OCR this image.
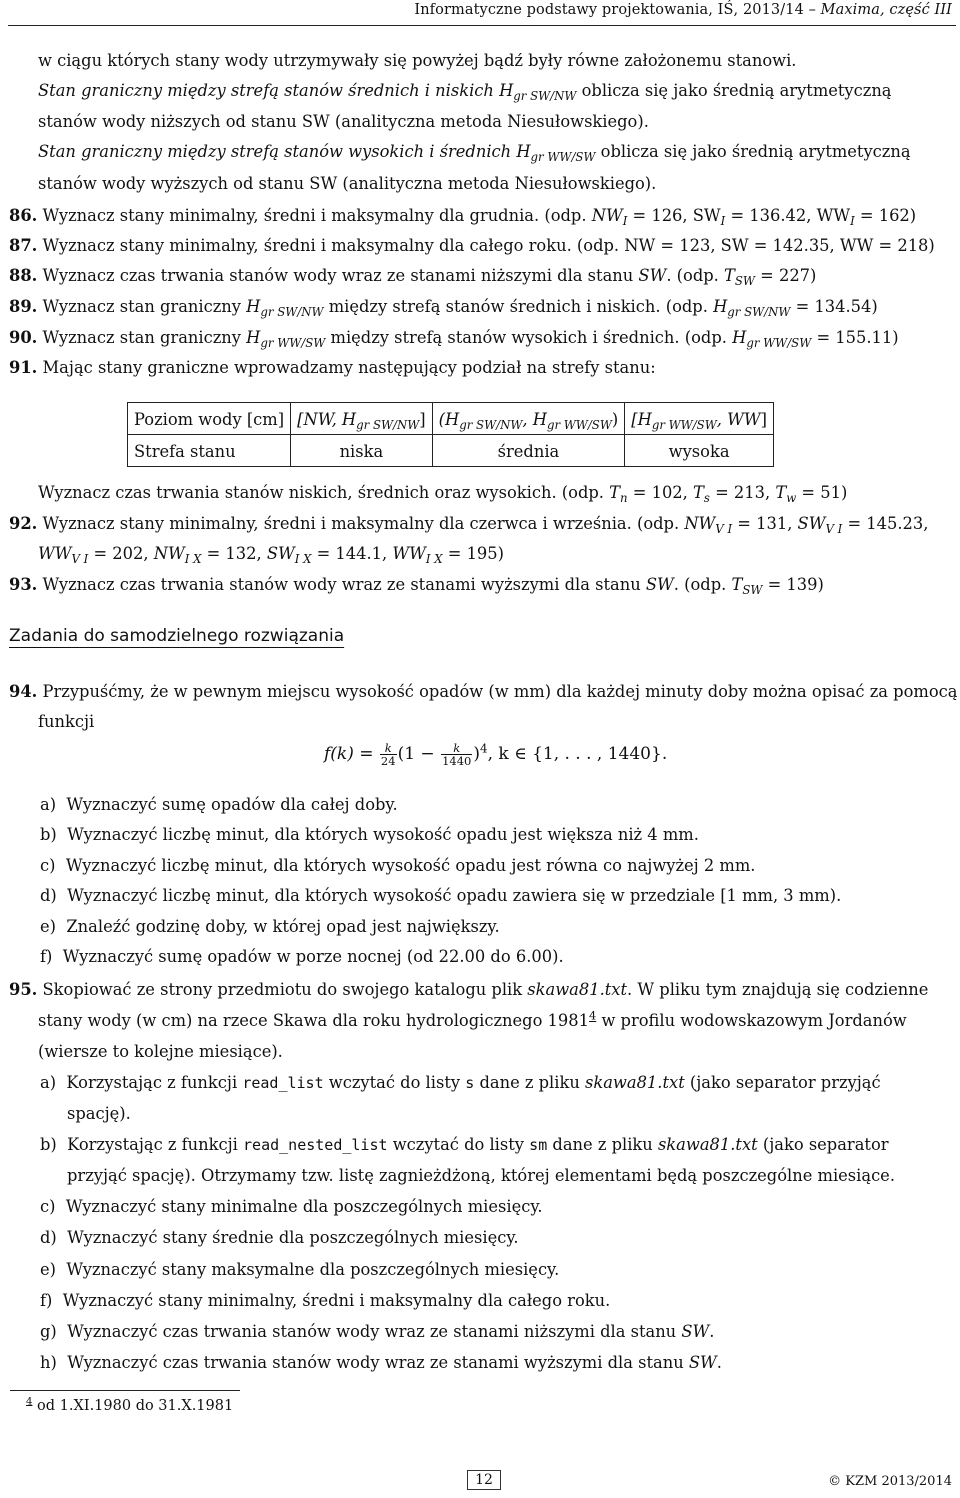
Informatyczne podstawy projektowania, IŚ, 2013/14 – Maxima, część III
w ciągu których stany wody utrzymywały się powyżej bądź były równe założonemu stanowi.
Stan graniczny między strefą stanów średnich i niskich $H_{gr SW/NW}$ oblicza się jako średnią arytmetyczną
stanów wody niższych od stanu SW (analityczna metoda Niesułowskiego).
Stan graniczny między strefą stanów wysokich i średnich $H_{gr WW/SW}$ oblicza się jako średnią arytmetyczną
stanów wody wyższych od stanu SW (analityczna metoda Niesułowskiego).
86. Wyznacz stany minimalny, średni i maksymalny dla grudnia. (odp. $NW_I = 126$, $SW_I = 136.42$, $WW_I = 162$)
87. Wyznacz stany minimalny, średni i maksymalny dla całego roku. (odp. NW = 123, SW = 142.35, WW = 218)
88. Wyznacz czas trwania stanów wody wraz ze stanami niższymi dla stanu SW. (odp. $T_{SW} = 227$)
89. Wyznacz stan graniczny $H_{gr SW/NW}$ między strefą stanów średnich i niskich. (odp. $H_{gr SW/NW} = 134.54$)
90. Wyznacz stan graniczny $H_{gr WW/SW}$ między strefą stanów wysokich i średnich. (odp. $H_{gr WW/SW} = 155.11$)
91. Mając stany graniczne wprowadzamy następujący podział na strefy stanu:
Poziom wody [cm]	[NW, $H_{gr SW/NW}$]	($H_{gr SW/NW}$, $H_{gr WW/SW}$)	[$H_{gr WW/SW}$, WW]
Strefa stanu	niska	średnia	wysoka
Wyznacz czas trwania stanów niskich, średnich oraz wysokich. (odp. $T_n = 102$, $T_s = 213$, $T_w = 51$)
92. Wyznacz stany minimalny, średni i maksymalny dla czerwca i września. (odp. $NW_{V I} = 131$, $SW_{V I} = 145.23$,
$WW_{V I} = 202$, $NW_{I X} = 132$, $SW_{I X} = 144.1$, $WW_{I X} = 195$)
93. Wyznacz czas trwania stanów wody wraz ze stanami wyższymi dla stanu SW. (odp. $T_{SW} = 139$)
Zadania do samodzielnego rozwiązania
94. Przypuśćmy, że w pewnym miejscu wysokość opadów (w mm) dla każdej minuty doby można opisać za pomocą
funkcji
$f(k) = \frac{k}{24} (1 - \frac{k}{1440} )^4$, k ∈ {1, . . . , 1440}.
a) Wyznaczyć sumę opadów dla całej doby.
b) Wyznaczyć liczbę minut, dla których wysokość opadu jest większa niż 4 mm.
c) Wyznaczyć liczbę minut, dla których wysokość opadu jest równa co najwyżej 2 mm.
d) Wyznaczyć liczbę minut, dla których wysokość opadu zawiera się w przedziale [1 mm, 3 mm).
e) Znaleźć godzinę doby, w której opad jest największy.
f) Wyznaczyć sumę opadów w porze nocnej (od 22.00 do 6.00).
95. Skopiować ze strony przedmiotu do swojego katalogu plik skawa81.txt. W pliku tym znajdują się codzienne
stany wody (w cm) na rzece Skawa dla roku hydrologicznego 1981$^4$ w profilu wodowskazowym Jordanów
(wiersze to kolejne miesiące).
a)  Korzystając z funkcji read_list wczytać do listy s dane z pliku skawa81.txt (jako separator przyjąć
spację).
b)  Korzystając z funkcji read_nested_list wczytać do listy sm dane z pliku skawa81.txt (jako separator
przyjąć spację). Otrzymamy tzw. listę zagnieżdżoną, której elementami będą poszczególne miesiące.
c) Wyznaczyć stany minimalne dla poszczególnych miesięcy.
d) Wyznaczyć stany średnie dla poszczególnych miesięcy.
e) Wyznaczyć stany maksymalne dla poszczególnych miesięcy.
f) Wyznaczyć stany minimalny, średni i maksymalny dla całego roku.
g)  Wyznaczyć czas trwania stanów wody wraz ze stanami niższymi dla stanu SW.
h)  Wyznaczyć czas trwania stanów wody wraz ze stanami wyższymi dla stanu SW.
$^4$ od 1.XI.1980 do 31.X.1981
12	© KZM 2013/2014
